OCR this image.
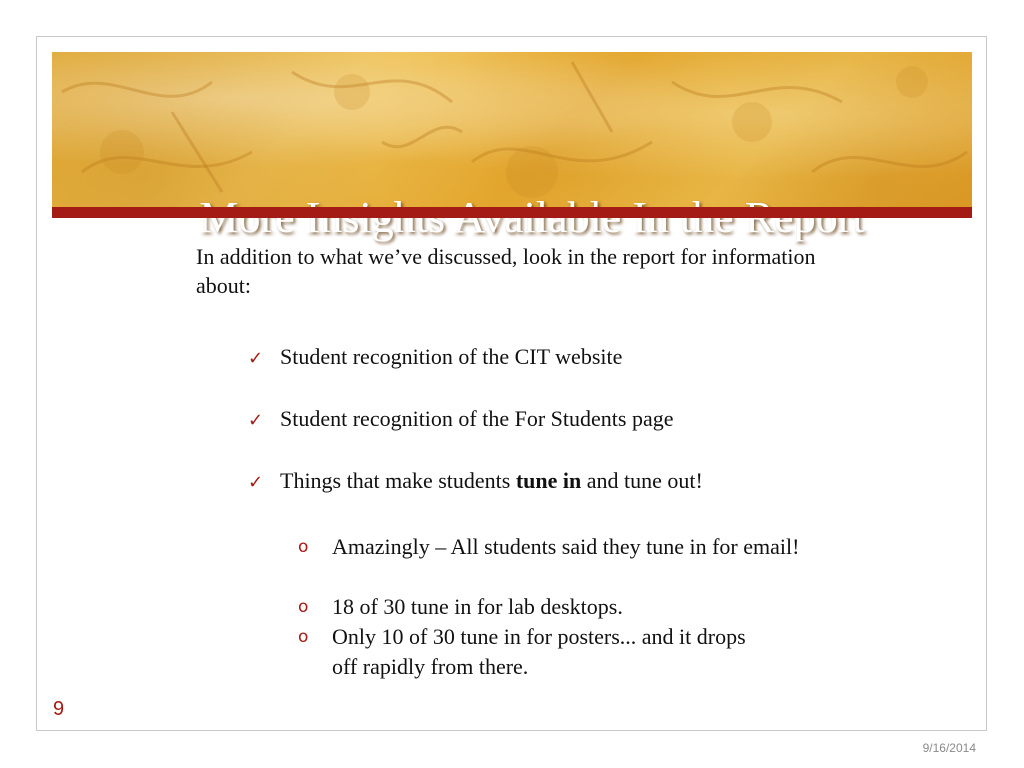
In addition to what we’ve discussed, look in the report for information about:

✓ Student recognition of the CIT website
✓ Student recognition of the For Students page
✓ Things that make students tune in and tune out!
o Amazingly – All students said they tune in for email!
o 18 of 30 tune in for lab desktops.
o Only 10 of 30 tune in for posters... and it drops off rapidly from there.
9
9/16/2014
